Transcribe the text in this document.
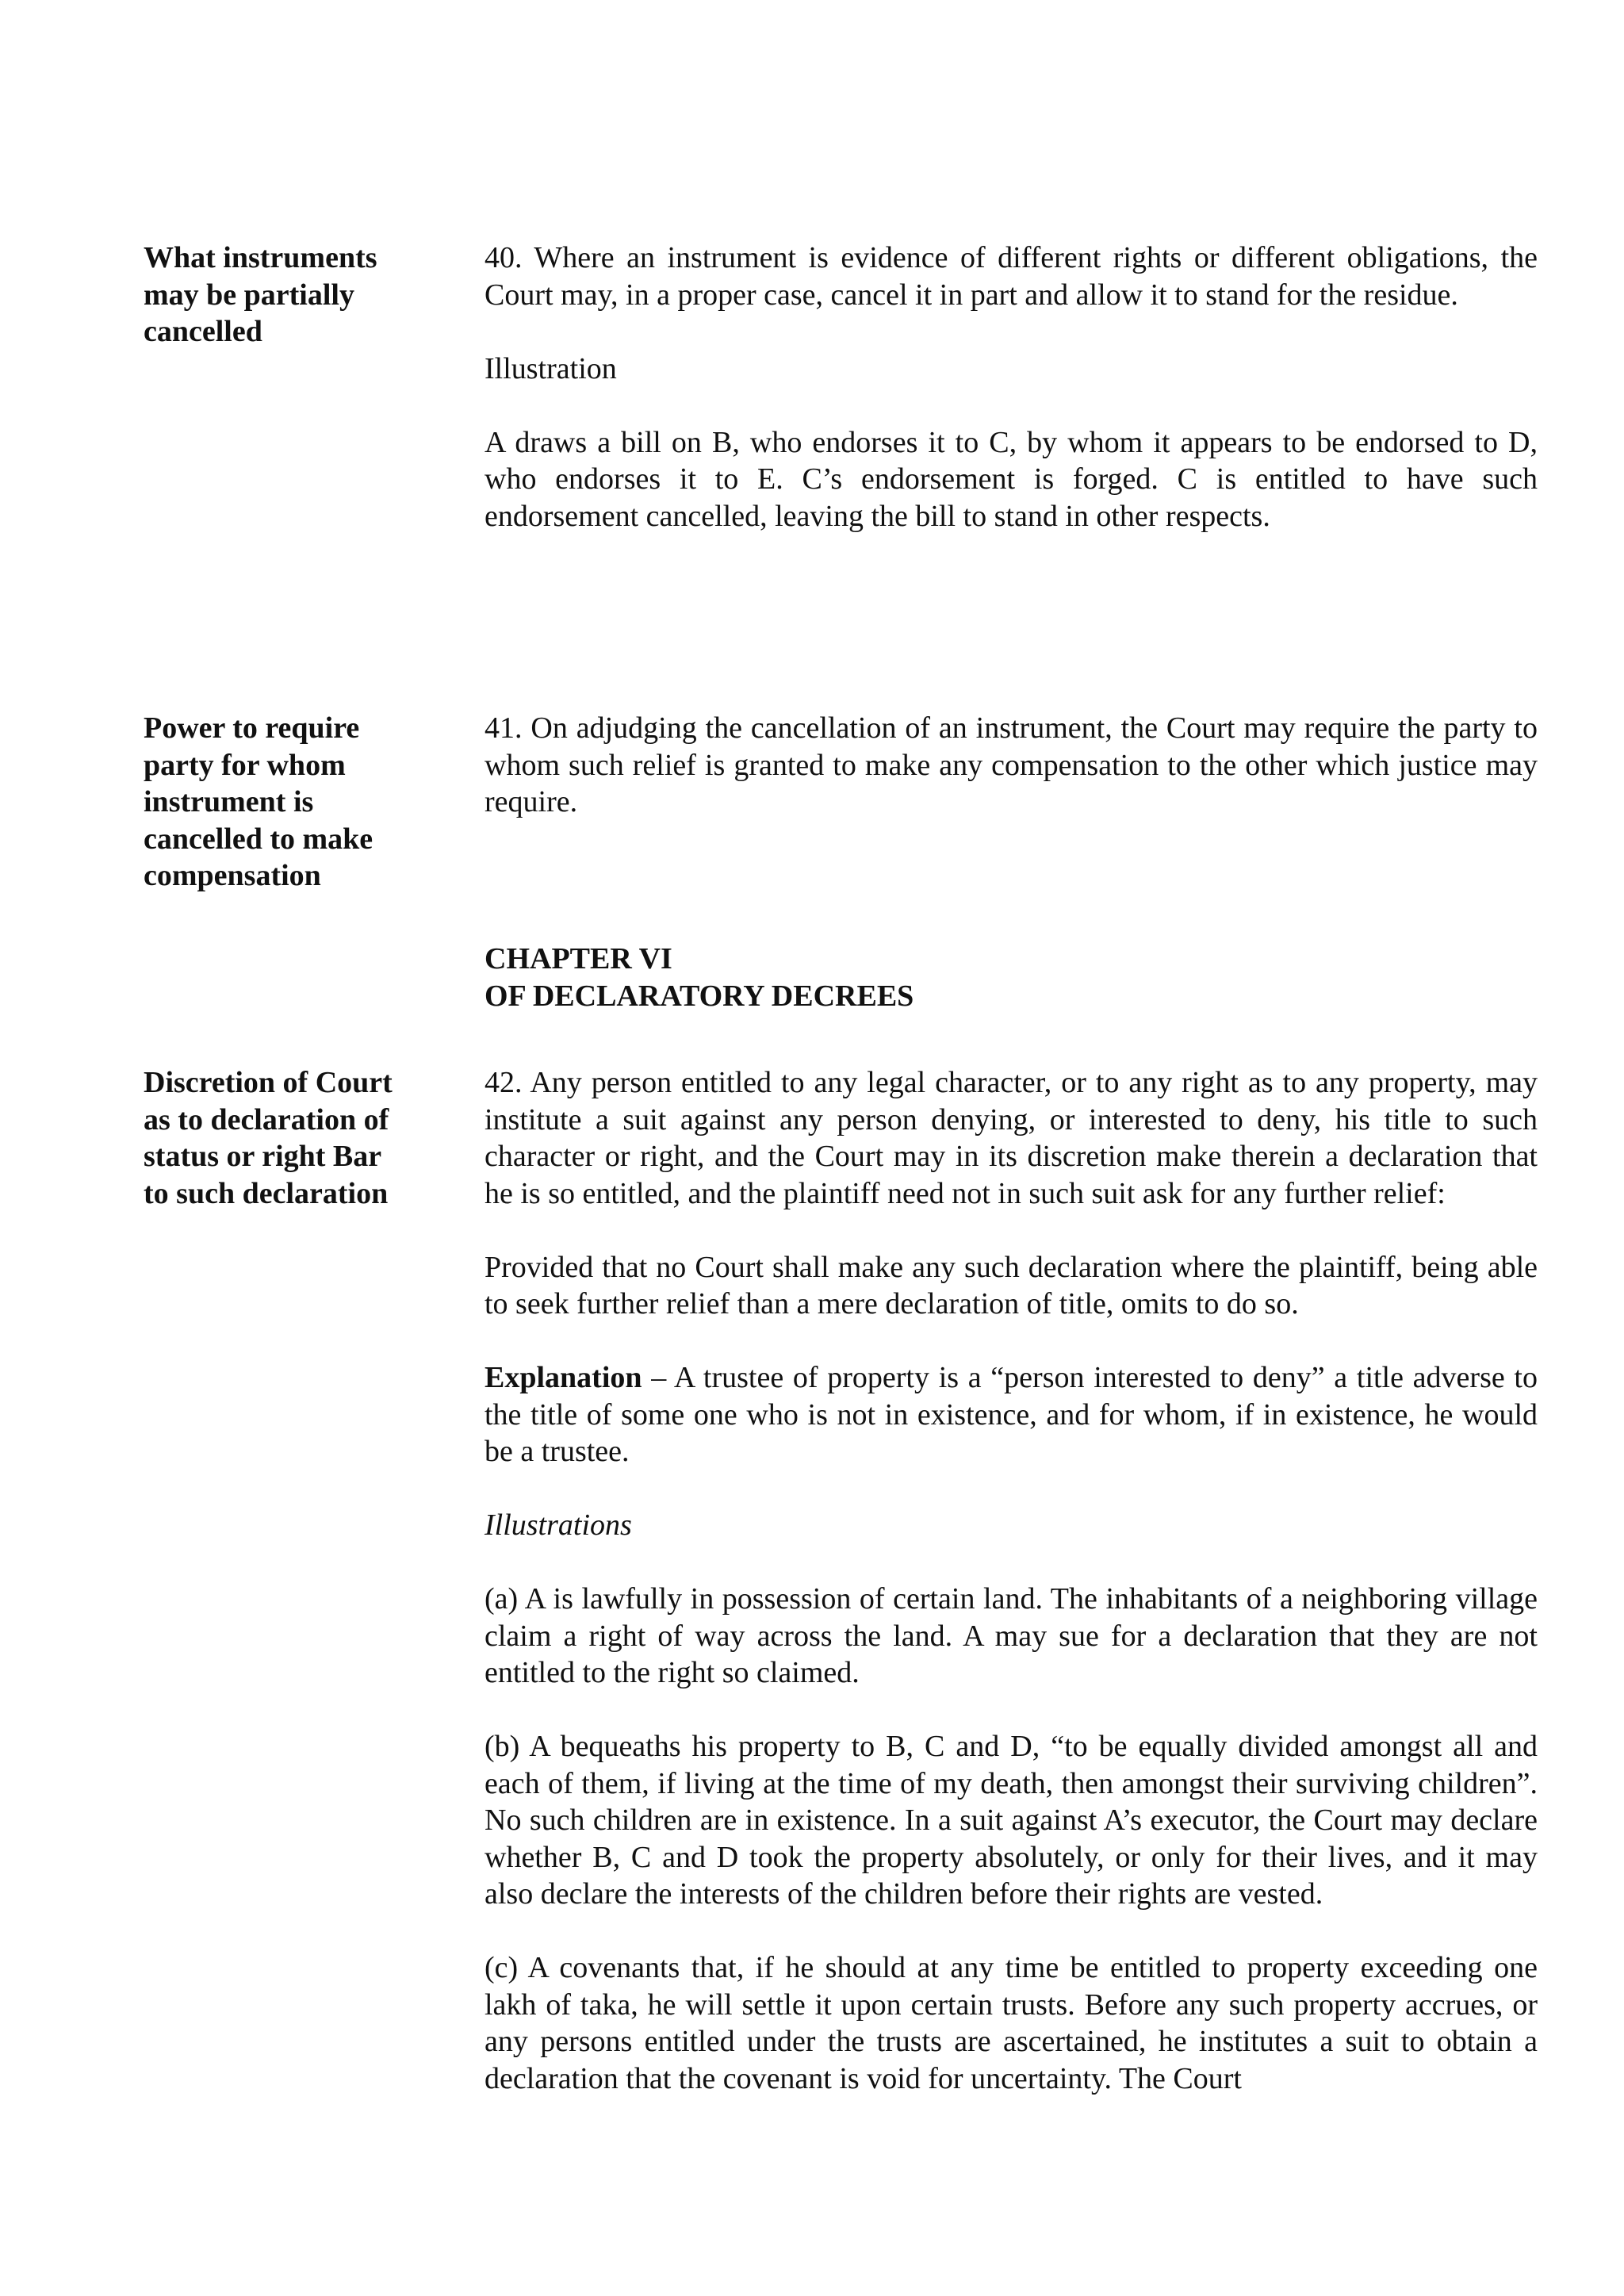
What instruments may be partially cancelled

40. Where an instrument is evidence of different rights or different obligations, the Court may, in a proper case, cancel it in part and allow it to stand for the residue.

Illustration

A draws a bill on B, who endorses it to C, by whom it appears to be endorsed to D, who endorses it to E. C’s endorsement is forged. C is entitled to have such endorsement cancelled, leaving the bill to stand in other respects.

Power to require party for whom instrument is cancelled to make compensation

41. On adjudging the cancellation of an instrument, the Court may require the party to whom such relief is granted to make any compensation to the other which justice may require.

CHAPTER VI

OF DECLARATORY DECREES

Discretion of Court as to declaration of status or right Bar to such declaration

42. Any person entitled to any legal character, or to any right as to any property, may institute a suit against any person denying, or interested to deny, his title to such character or right, and the Court may in its discretion make therein a declaration that he is so entitled, and the plaintiff need not in such suit ask for any further relief:

Provided that no Court shall make any such declaration where the plaintiff, being able to seek further relief than a mere declaration of title, omits to do so.

Explanation – A trustee of property is a “person interested to deny” a title adverse to the title of some one who is not in existence, and for whom, if in existence, he would be a trustee.

Illustrations

(a) A is lawfully in possession of certain land. The inhabitants of a neighboring village claim a right of way across the land. A may sue for a declaration that they are not entitled to the right so claimed.

(b) A bequeaths his property to B, C and D, “to be equally divided amongst all and each of them, if living at the time of my death, then amongst their surviving children”. No such children are in existence. In a suit against A’s executor, the Court may declare whether B, C and D took the property absolutely, or only for their lives, and it may also declare the interests of the children before their rights are vested.

(c) A covenants that, if he should at any time be entitled to property exceeding one lakh of taka, he will settle it upon certain trusts. Before any such property accrues, or any persons entitled under the trusts are ascertained, he institutes a suit to obtain a declaration that the covenant is void for uncertainty. The Court
